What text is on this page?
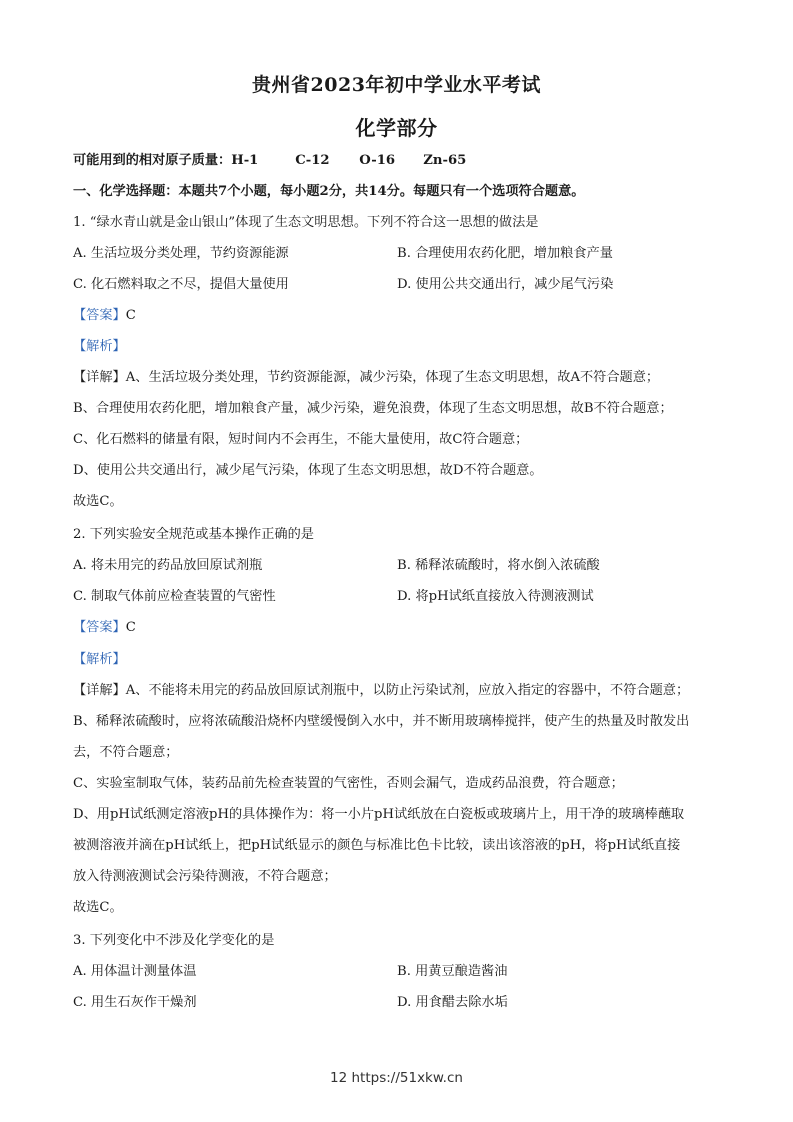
贵州省2023年初中学业水平考试
化学部分
可能用到的相对原子质量：H-1	C-12 O-16 Zn-65
一、化学选择题：本题共7个小题，每小题2分，共14分。每题只有一个选项符合题意。
1. “绿水青山就是金山银山”体现了生态文明思想。下列不符合这一思想的做法是
A. 生活垃圾分类处理，节约资源能源	B. 合理使用农药化肥，增加粮食产量
C. 化石燃料取之不尽，提倡大量使用	D. 使用公共交通出行，减少尾气污染
【答案】C
【解析】
【详解】A、生活垃圾分类处理，节约资源能源，减少污染，体现了生态文明思想，故A不符合题意；
B、合理使用农药化肥，增加粮食产量，减少污染，避免浪费，体现了生态文明思想，故B不符合题意；
C、化石燃料的储量有限，短时间内不会再生，不能大量使用，故C符合题意；
D、使用公共交通出行，减少尾气污染，体现了生态文明思想，故D不符合题意。
故选C。
2. 下列实验安全规范或基本操作正确的是
A. 将未用完的药品放回原试剂瓶	B. 稀释浓硫酸时，将水倒入浓硫酸
C. 制取气体前应检查装置的气密性	D. 将pH试纸直接放入待测液测试
【答案】C
【解析】
【详解】A、不能将未用完的药品放回原试剂瓶中，以防止污染试剂，应放入指定的容器中，不符合题意；
B、稀释浓硫酸时，应将浓硫酸沿烧杯内壁缓慢倒入水中，并不断用玻璃棒搅拌，使产生的热量及时散发出
去，不符合题意；
C、实验室制取气体，装药品前先检查装置的气密性，否则会漏气，造成药品浪费，符合题意；
D、用pH试纸测定溶液pH的具体操作为：将一小片pH试纸放在白瓷板或玻璃片上，用干净的玻璃棒蘸取
被测溶液并滴在pH试纸上，把pH试纸显示的颜色与标准比色卡比较，读出该溶液的pH，将pH试纸直接
放入待测液测试会污染待测液，不符合题意；
故选C。
3. 下列变化中不涉及化学变化的是
A. 用体温计测量体温	B. 用黄豆酿造酱油
C. 用生石灰作干燥剂	D. 用食醋去除水垢
12 https://51xkw.cn
